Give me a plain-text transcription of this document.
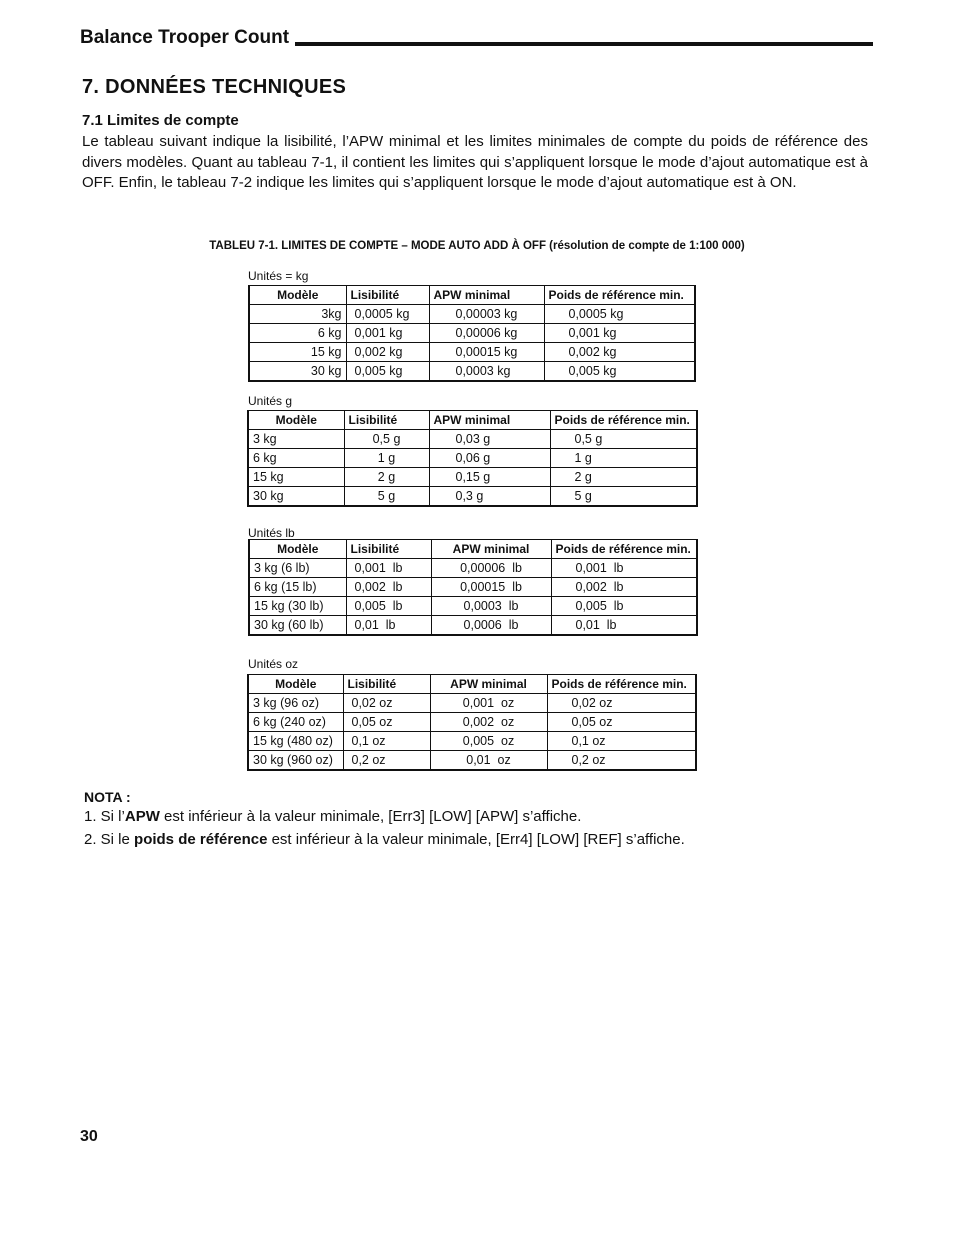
Balance Trooper Count
7. DONNÉES TECHNIQUES
7.1 Limites de compte

Le tableau suivant indique la lisibilité, l’APW minimal et les limites minimales de compte du poids de référence des divers modèles. Quant au tableau 7-1, il contient les limites qui s’appliquent lorsque le mode d’ajout automatique est à OFF. Enfin, le tableau 7-2 indique les limites qui s’appliquent lorsque le mode d’ajout automatique est à ON.

TABLEU 7-1. LIMITES DE COMPTE – MODE AUTO ADD À OFF (résolution de compte de 1:100 000)
Unités = kg
Modèle	Lisibilité	APW minimal	Poids de référence min.
3kg	0,0005 kg	0,00003 kg	0,0005 kg
6 kg	0,001 kg	0,00006 kg	0,001 kg
15 kg	0,002 kg	0,00015 kg	0,002 kg
30 kg	0,005 kg	0,0003 kg	0,005 kg
Unités g
Modèle	Lisibilité	APW minimal	Poids de référence min.
3 kg	0,5 g	0,03 g	0,5 g
6 kg	1 g	0,06 g	1 g
15 kg	2 g	0,15 g	2 g
30 kg	5 g	0,3 g	5 g
Unités lb
Modèle	Lisibilité	APW minimal	Poids de référence min.
3 kg (6 lb)	0,001  lb	0,00006  lb	0,001  lb
6 kg (15 lb)	0,002  lb	0,00015  lb	0,002  lb
15 kg (30 lb)	0,005  lb	0,0003  lb	0,005  lb
30 kg (60 lb)	0,01  lb	0,0006  lb	0,01  lb
Unités oz
Modèle	Lisibilité	APW minimal	Poids de référence min.
3 kg (96 oz)	0,02 oz	0,001  oz	0,02 oz
6 kg (240 oz)	0,05 oz	0,002  oz	0,05 oz
15 kg (480 oz)	0,1 oz	0,005  oz	0,1 oz
30 kg (960 oz)	0,2 oz	0,01  oz	0,2 oz
NOTA :
1. Si l’APW est inférieur à la valeur minimale, [Err3] [LOW] [APW] s’affiche.
2. Si le poids de référence est inférieur à la valeur minimale, [Err4] [LOW] [REF] s’affiche.
30
